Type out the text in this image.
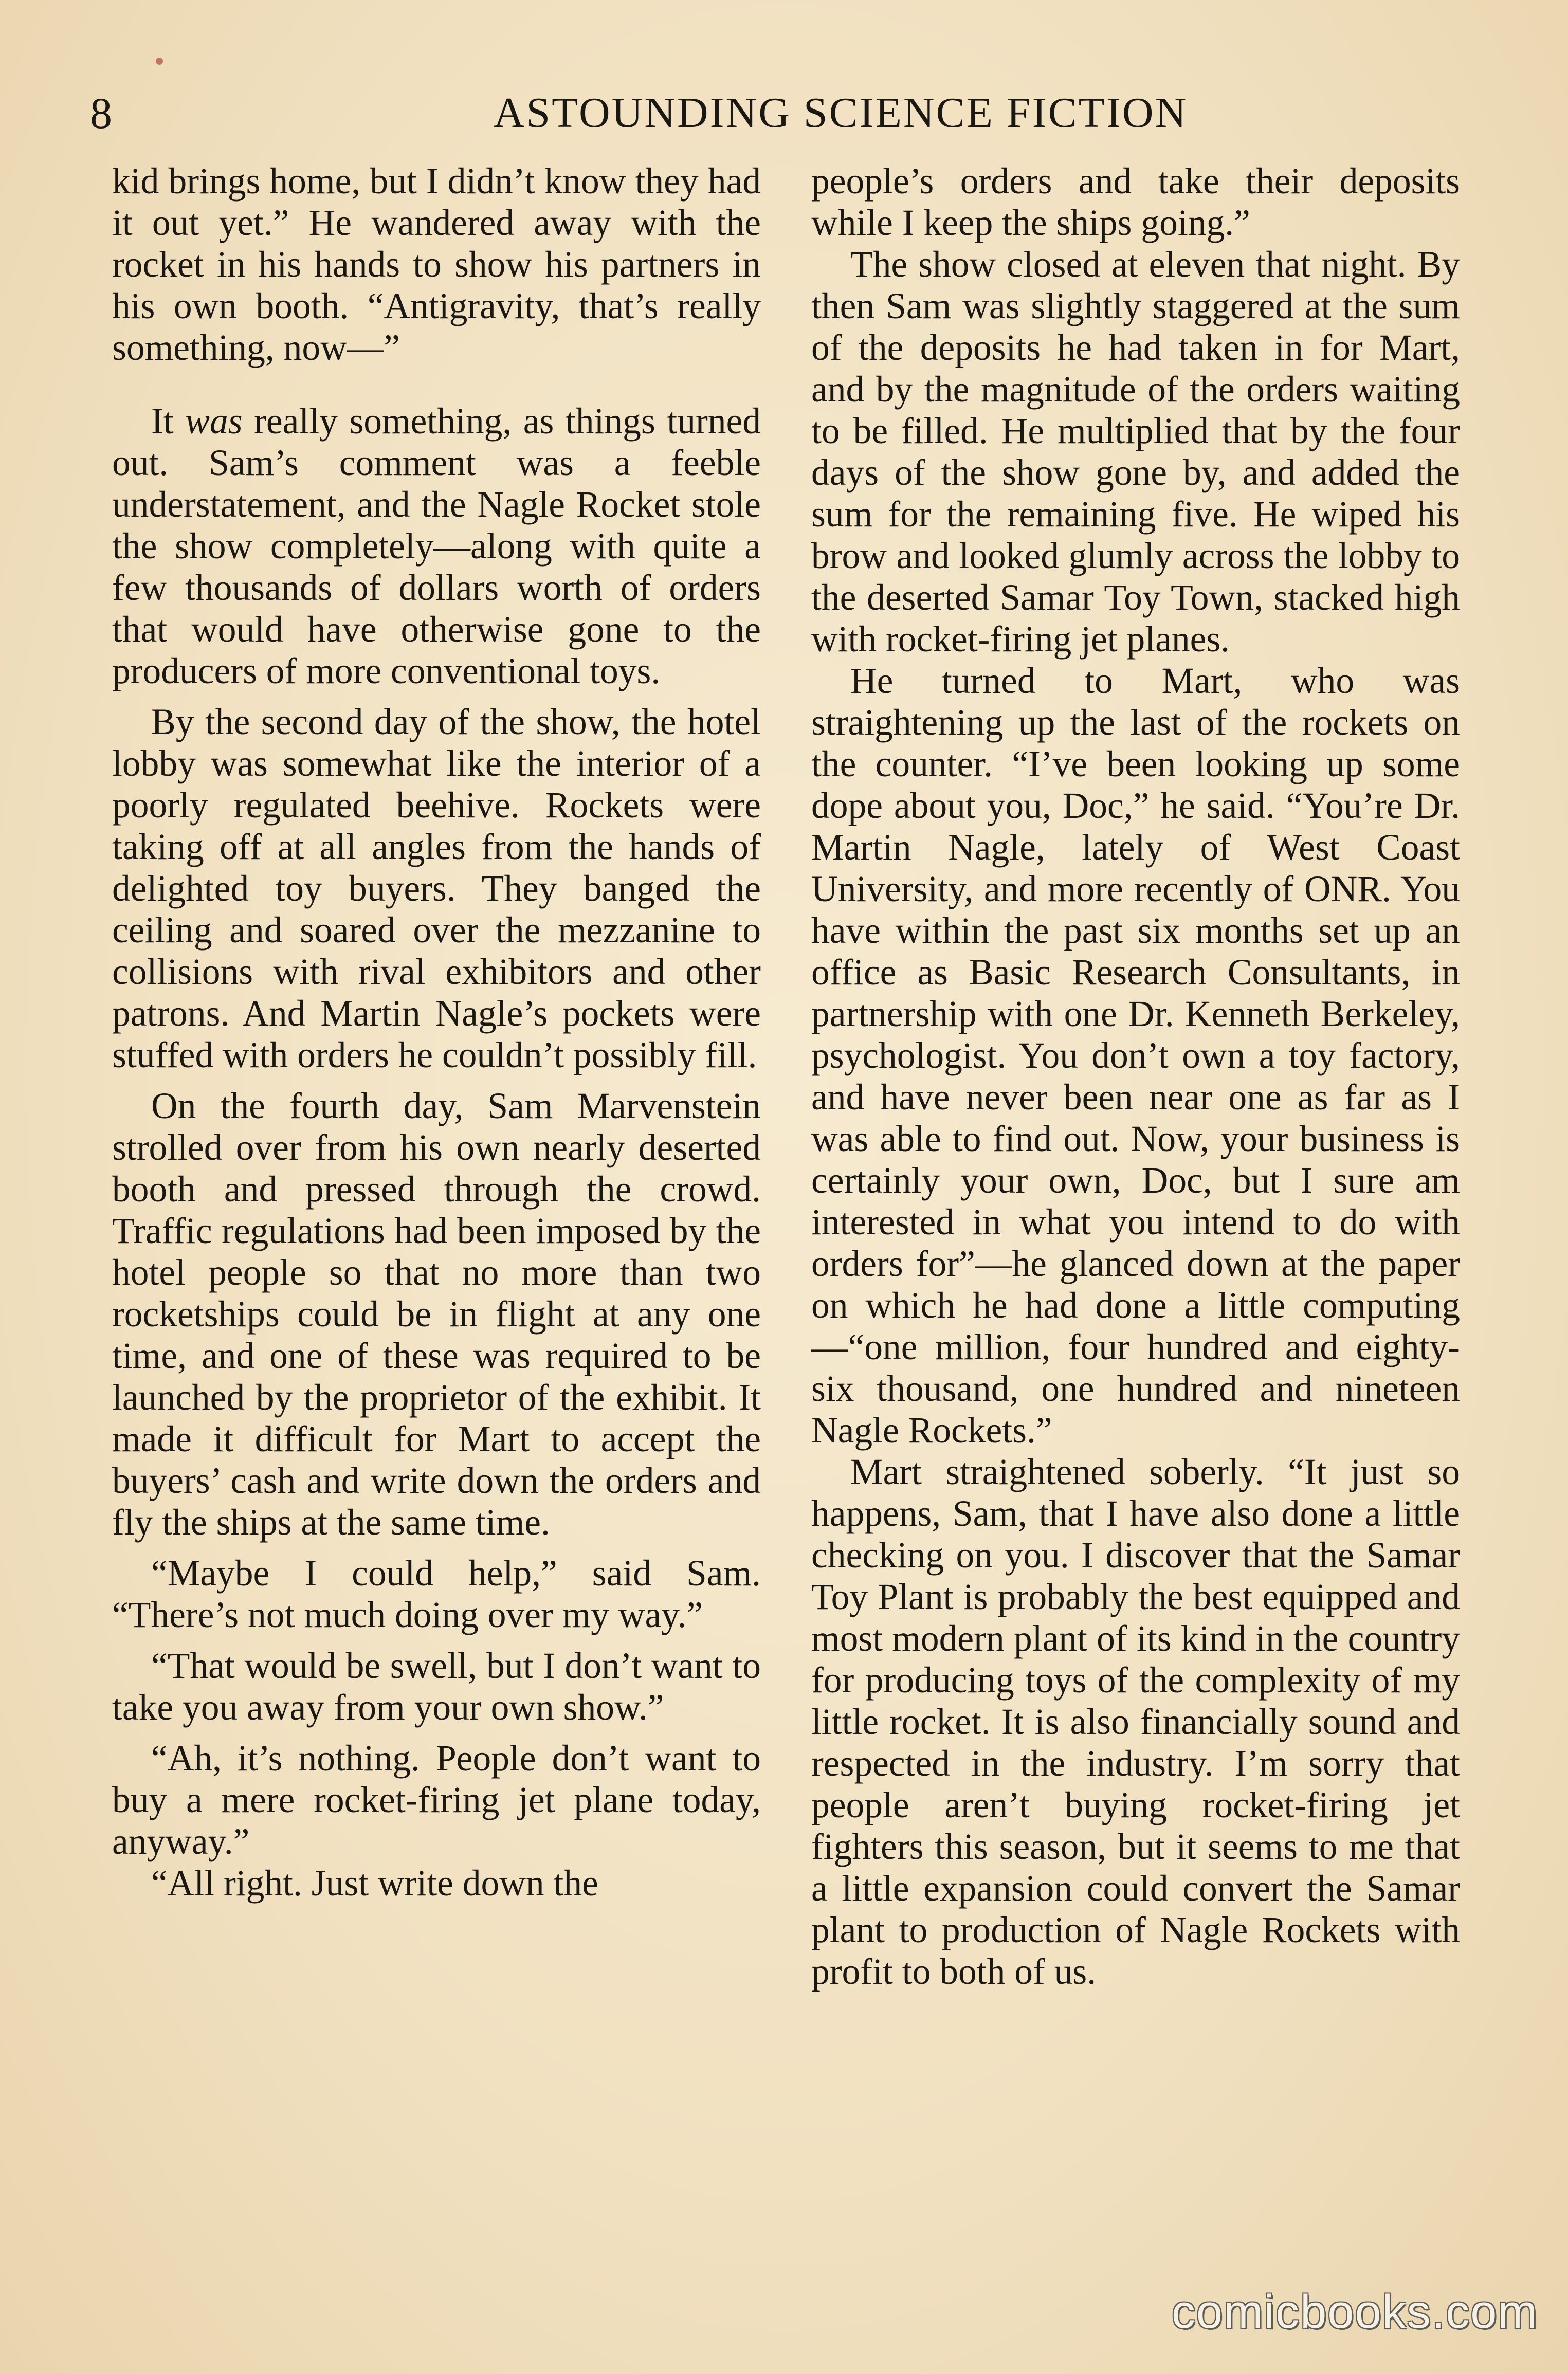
8	ASTOUNDING SCIENCE FICTION

kid brings home, but I didn’t know they had it out yet.” He wandered away with the rocket in his hands to show his partners in his own booth. “Antigravity, that’s really something, now—”

It was really something, as things turned out. Sam’s comment was a feeble understatement, and the Nagle Rocket stole the show completely—along with quite a few thousands of dollars worth of orders that would have otherwise gone to the producers of more conventional toys.

By the second day of the show, the hotel lobby was somewhat like the interior of a poorly regulated beehive. Rockets were taking off at all angles from the hands of delighted toy buyers. They banged the ceiling and soared over the mezzanine to collisions with rival exhibitors and other patrons. And Martin Nagle’s pockets were stuffed with orders he couldn’t possibly fill.

On the fourth day, Sam Marvenstein strolled over from his own nearly deserted booth and pressed through the crowd. Traffic regulations had been imposed by the hotel people so that no more than two rocketships could be in flight at any one time, and one of these was required to be launched by the proprietor of the exhibit. It made it difficult for Mart to accept the buyers’ cash and write down the orders and fly the ships at the same time.

“Maybe I could help,” said Sam. “There’s not much doing over my way.”

“That would be swell, but I don’t want to take you away from your own show.”

“Ah, it’s nothing. People don’t want to buy a mere rocket-firing jet plane today, anyway.”

“All right. Just write down the

people’s orders and take their deposits while I keep the ships going.”

The show closed at eleven that night. By then Sam was slightly staggered at the sum of the deposits he had taken in for Mart, and by the magnitude of the orders waiting to be filled. He multiplied that by the four days of the show gone by, and added the sum for the remaining five. He wiped his brow and looked glumly across the lobby to the deserted Samar Toy Town, stacked high with rocket-firing jet planes.

He turned to Mart, who was straightening up the last of the rockets on the counter. “I’ve been looking up some dope about you, Doc,” he said. “You’re Dr. Martin Nagle, lately of West Coast University, and more recently of ONR. You have within the past six months set up an office as Basic Research Consultants, in partnership with one Dr. Kenneth Berkeley, psychologist. You don’t own a toy factory, and have never been near one as far as I was able to find out. Now, your business is certainly your own, Doc, but I sure am interested in what you intend to do with orders for”—he glanced down at the paper on which he had done a little computing—“one million, four hundred and eighty-six thousand, one hundred and nineteen Nagle Rockets.”

Mart straightened soberly. “It just so happens, Sam, that I have also done a little checking on you. I discover that the Samar Toy Plant is probably the best equipped and most modern plant of its kind in the country for producing toys of the complexity of my little rocket. It is also financially sound and respected in the industry. I’m sorry that people aren’t buying rocket-firing jet fighters this season, but it seems to me that a little expansion could convert the Samar plant to production of Nagle Rockets with profit to both of us.

comicbooks.com
